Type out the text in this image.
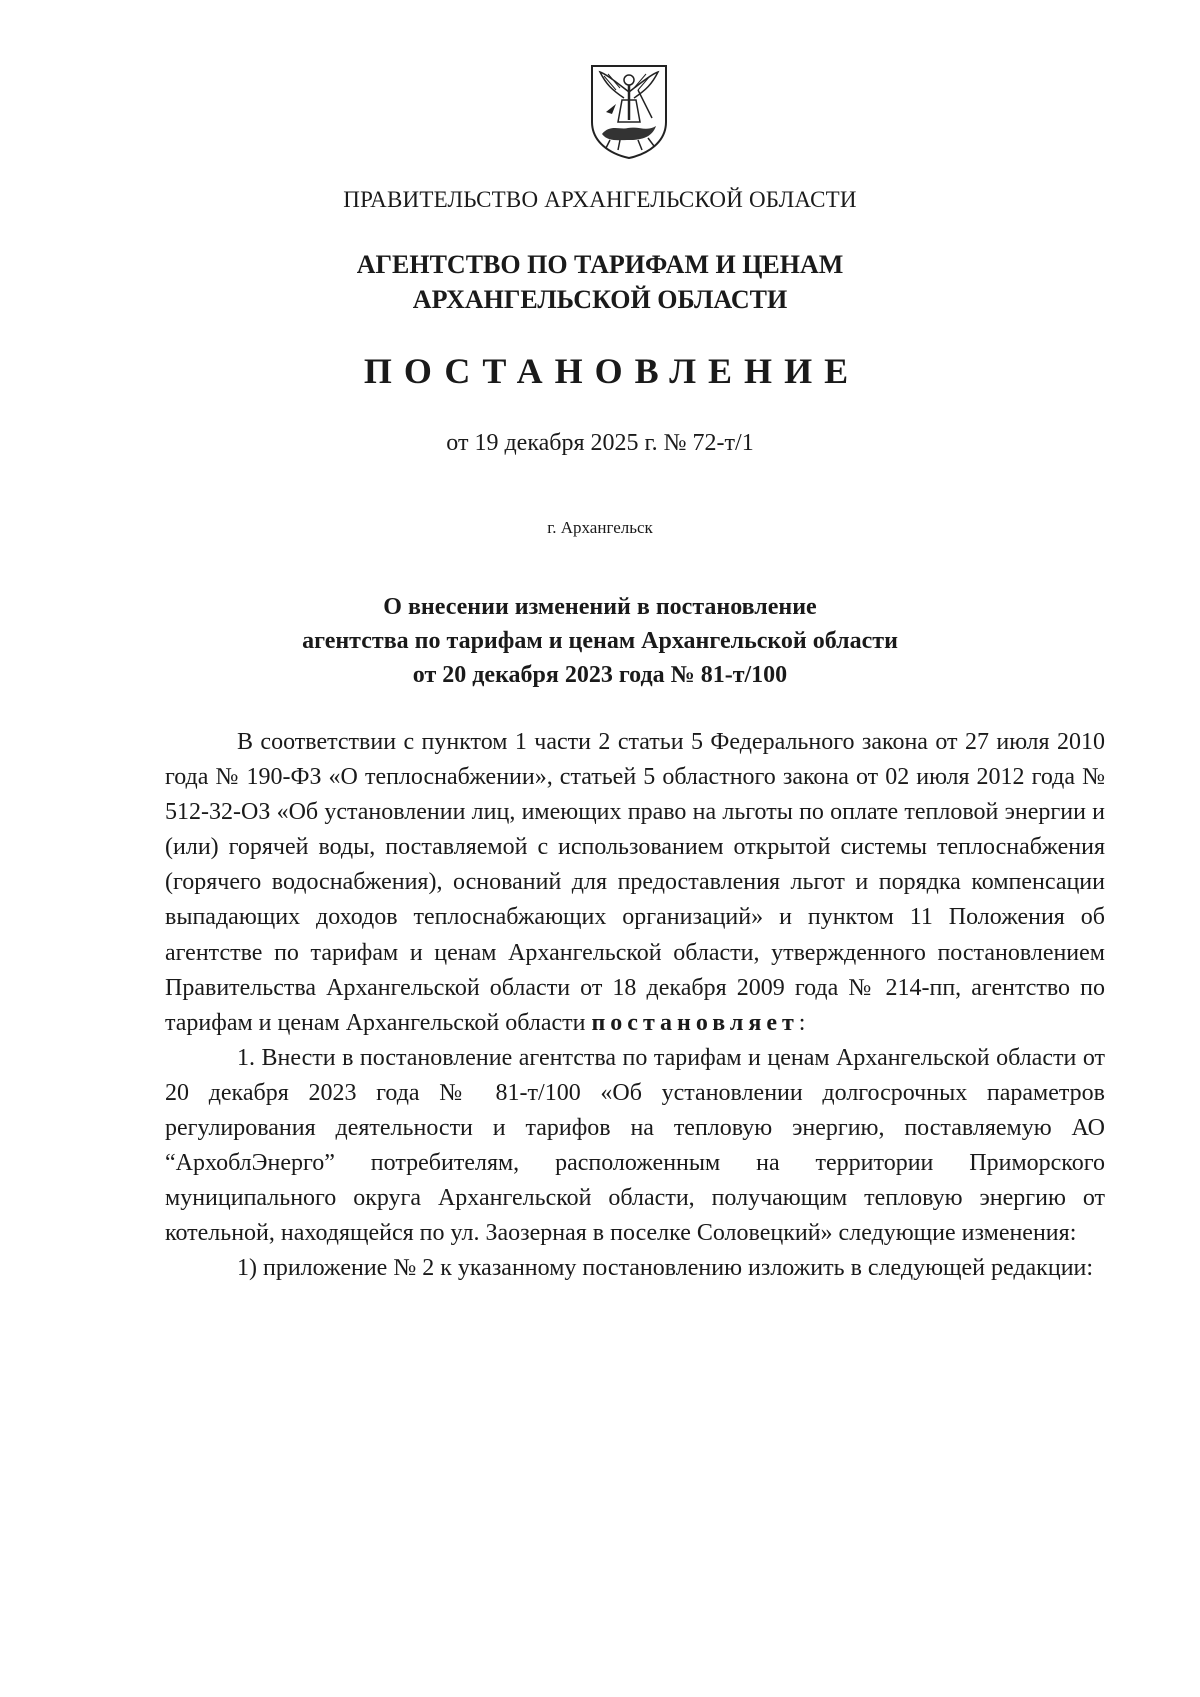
ПРАВИТЕЛЬСТВО АРХАНГЕЛЬСКОЙ ОБЛАСТИ
АГЕНТСТВО ПО ТАРИФАМ И ЦЕНАМ
АРХАНГЕЛЬСКОЙ ОБЛАСТИ
ПОСТАНОВЛЕНИЕ
от 19 декабря 2025 г. № 72-т/1
г. Архангельск
О внесении изменений в постановление
агентства по тарифам и ценам Архангельской области
от 20 декабря 2023 года № 81-т/100

В соответствии с пунктом 1 части 2 статьи 5 Федерального закона от 27 июля 2010 года № 190-ФЗ «О теплоснабжении», статьей 5 областного закона от 02 июля 2012 года № 512-32-ОЗ «Об установлении лиц, имеющих право на льготы по оплате тепловой энергии и (или) горячей воды, поставляемой с использованием открытой системы теплоснабжения (горячего водоснабжения), оснований для предоставления льгот и порядка компенсации выпадающих доходов теплоснабжающих организаций» и пунктом 11 Положения об агентстве по тарифам и ценам Архангельской области, утвержденного постановлением Правительства Архангельской области от 18 декабря 2009 года № 214-пп, агентство по тарифам и ценам Архангельской области постановляет:

1. Внести в постановление агентства по тарифам и ценам Архангельской области от 20 декабря 2023 года № 81-т/100 «Об установлении долгосрочных параметров регулирования деятельности и тарифов на тепловую энергию, поставляемую АО “АрхоблЭнерго” потребителям, расположенным на территории Приморского муниципального округа Архангельской области, получающим тепловую энергию от котельной, находящейся по ул. Заозерная в поселке Соловецкий» следующие изменения:

1) приложение № 2 к указанному постановлению изложить в следующей редакции:
